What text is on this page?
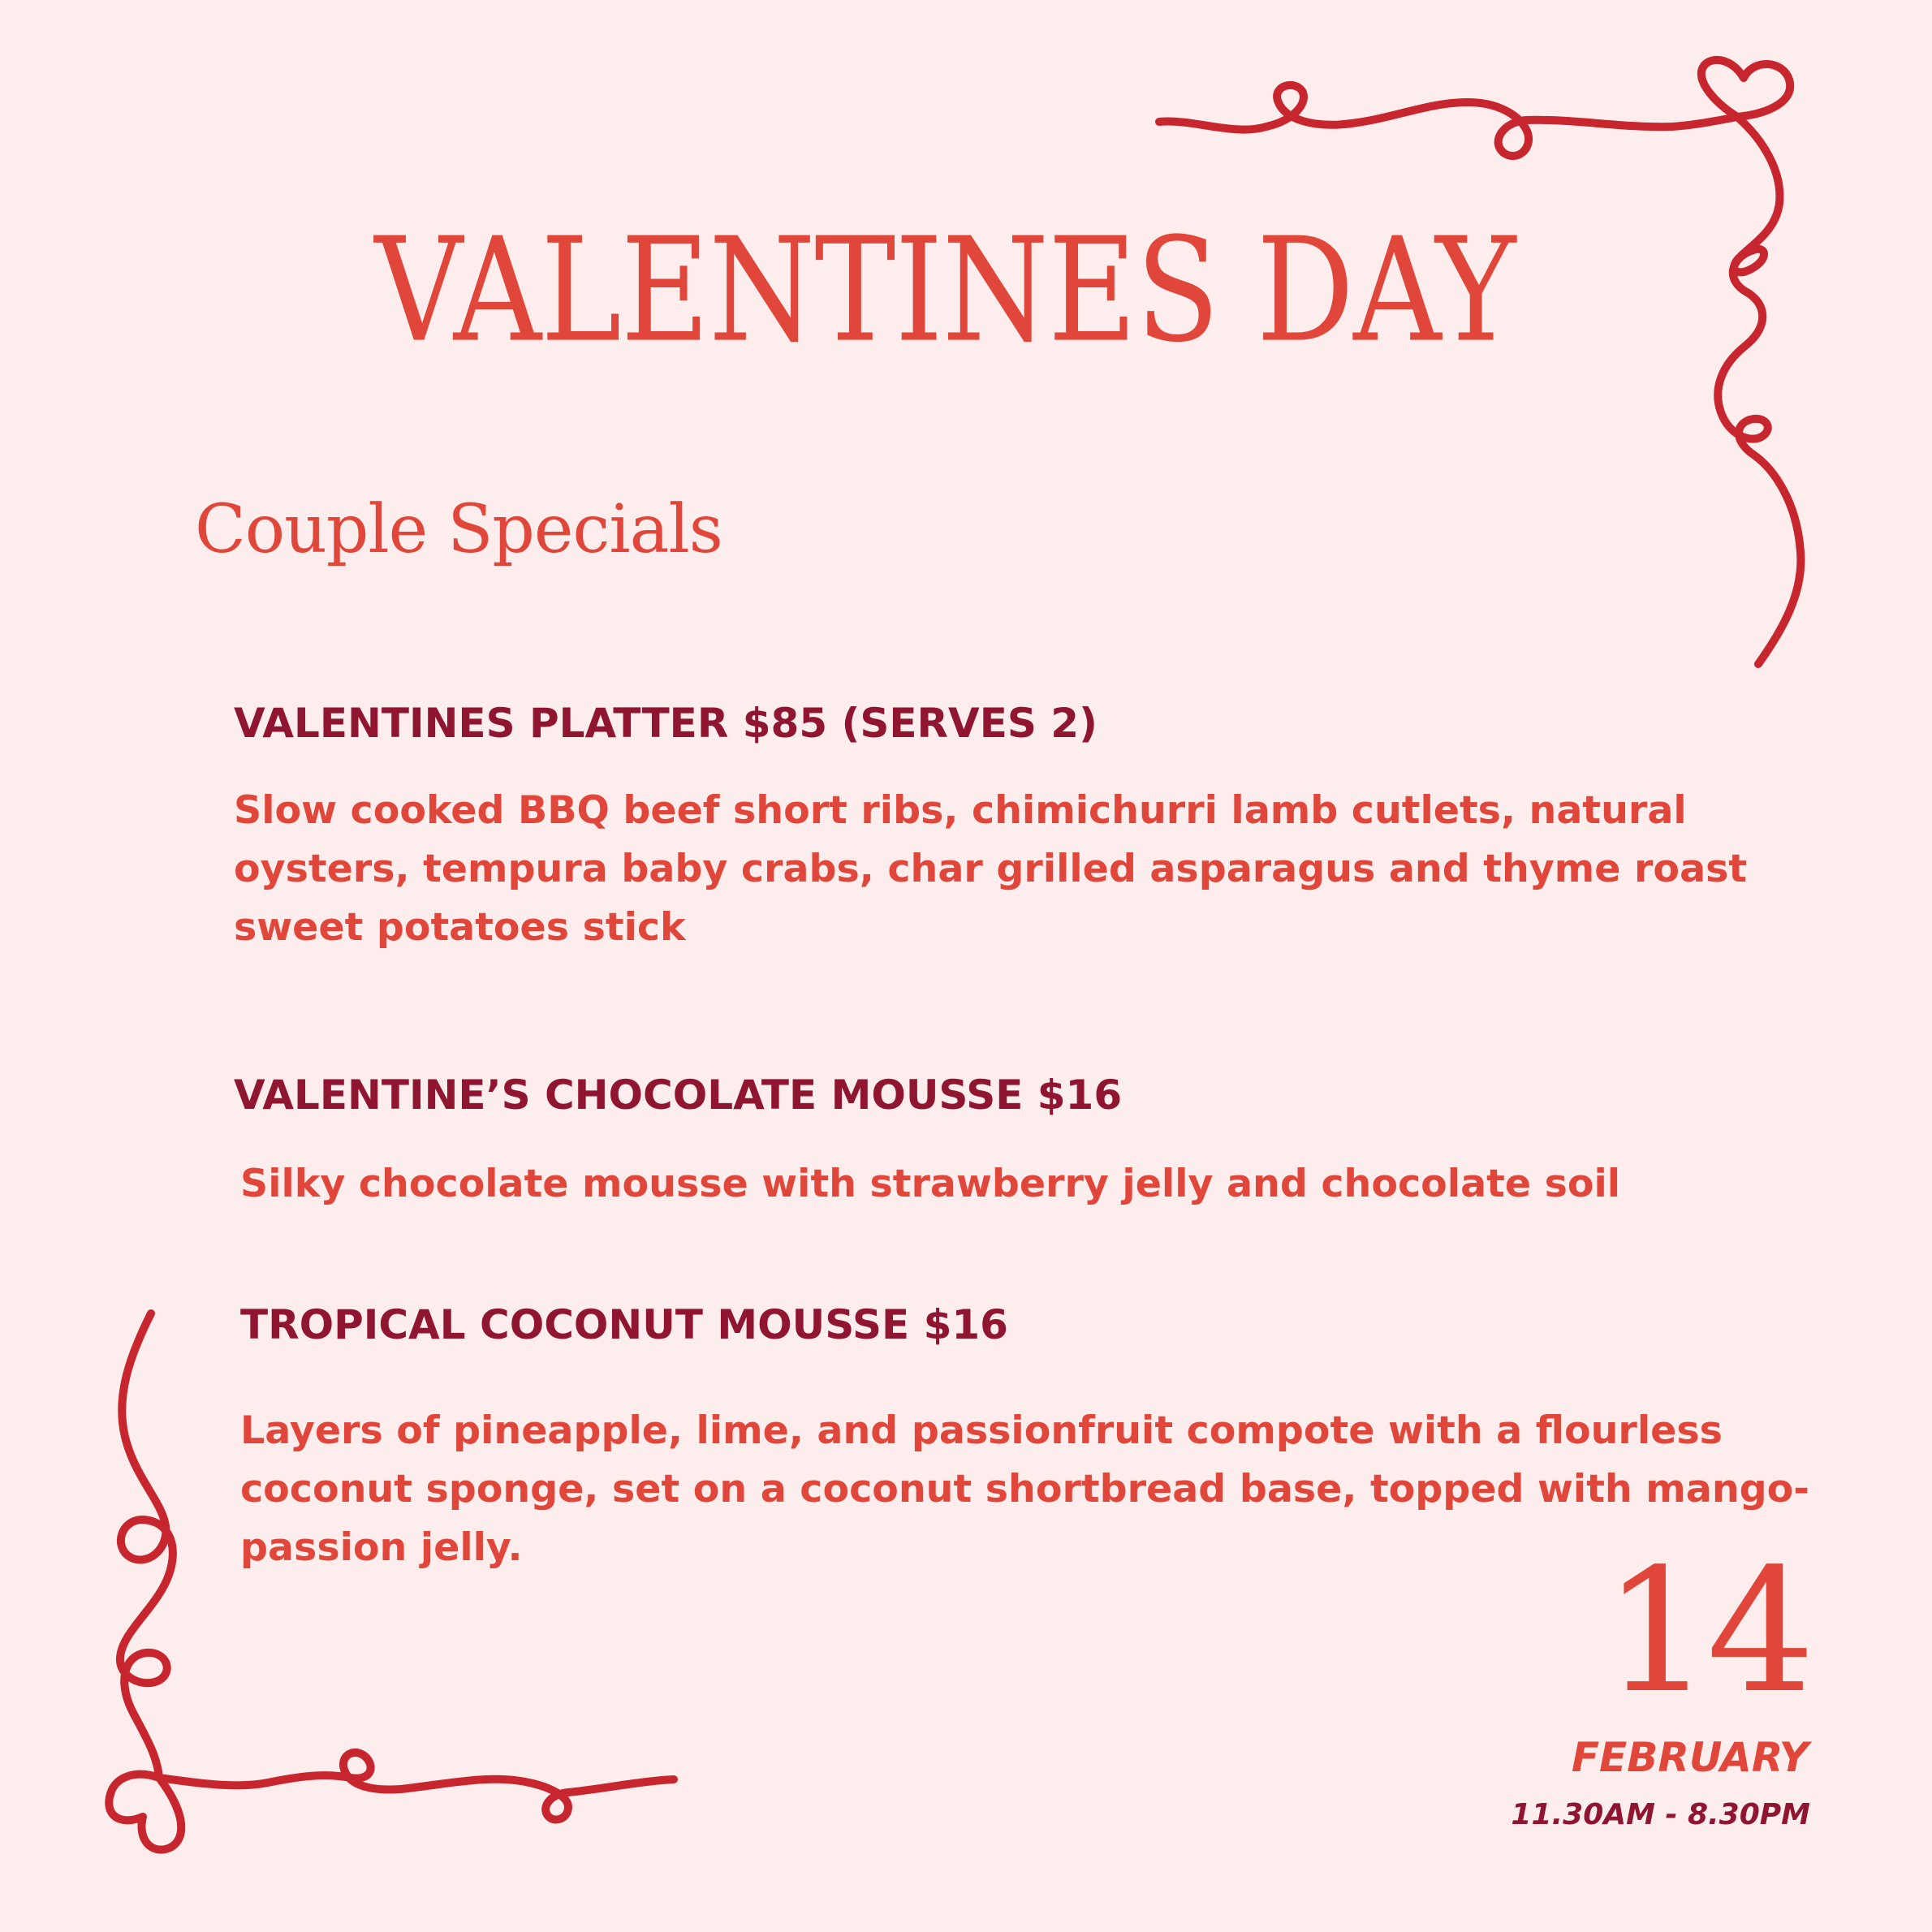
VALENTINES DAY
Couple Specials
VALENTINES PLATTER $85 (SERVES 2)

Slow cooked BBQ beef short ribs, chimichurri lamb cutlets, natural oysters, tempura baby crabs, char grilled asparagus and thyme roast sweet potatoes stick

VALENTINE’S CHOCOLATE MOUSSE $16

Silky chocolate mousse with strawberry jelly and chocolate soil

TROPICAL COCONUT MOUSSE $16

Layers of pineapple, lime, and passionfruit compote with a flourless coconut sponge, set on a coconut shortbread base, topped with mango-passion jelly.	14

FEBRUARY

11.30AM - 8.30PM
